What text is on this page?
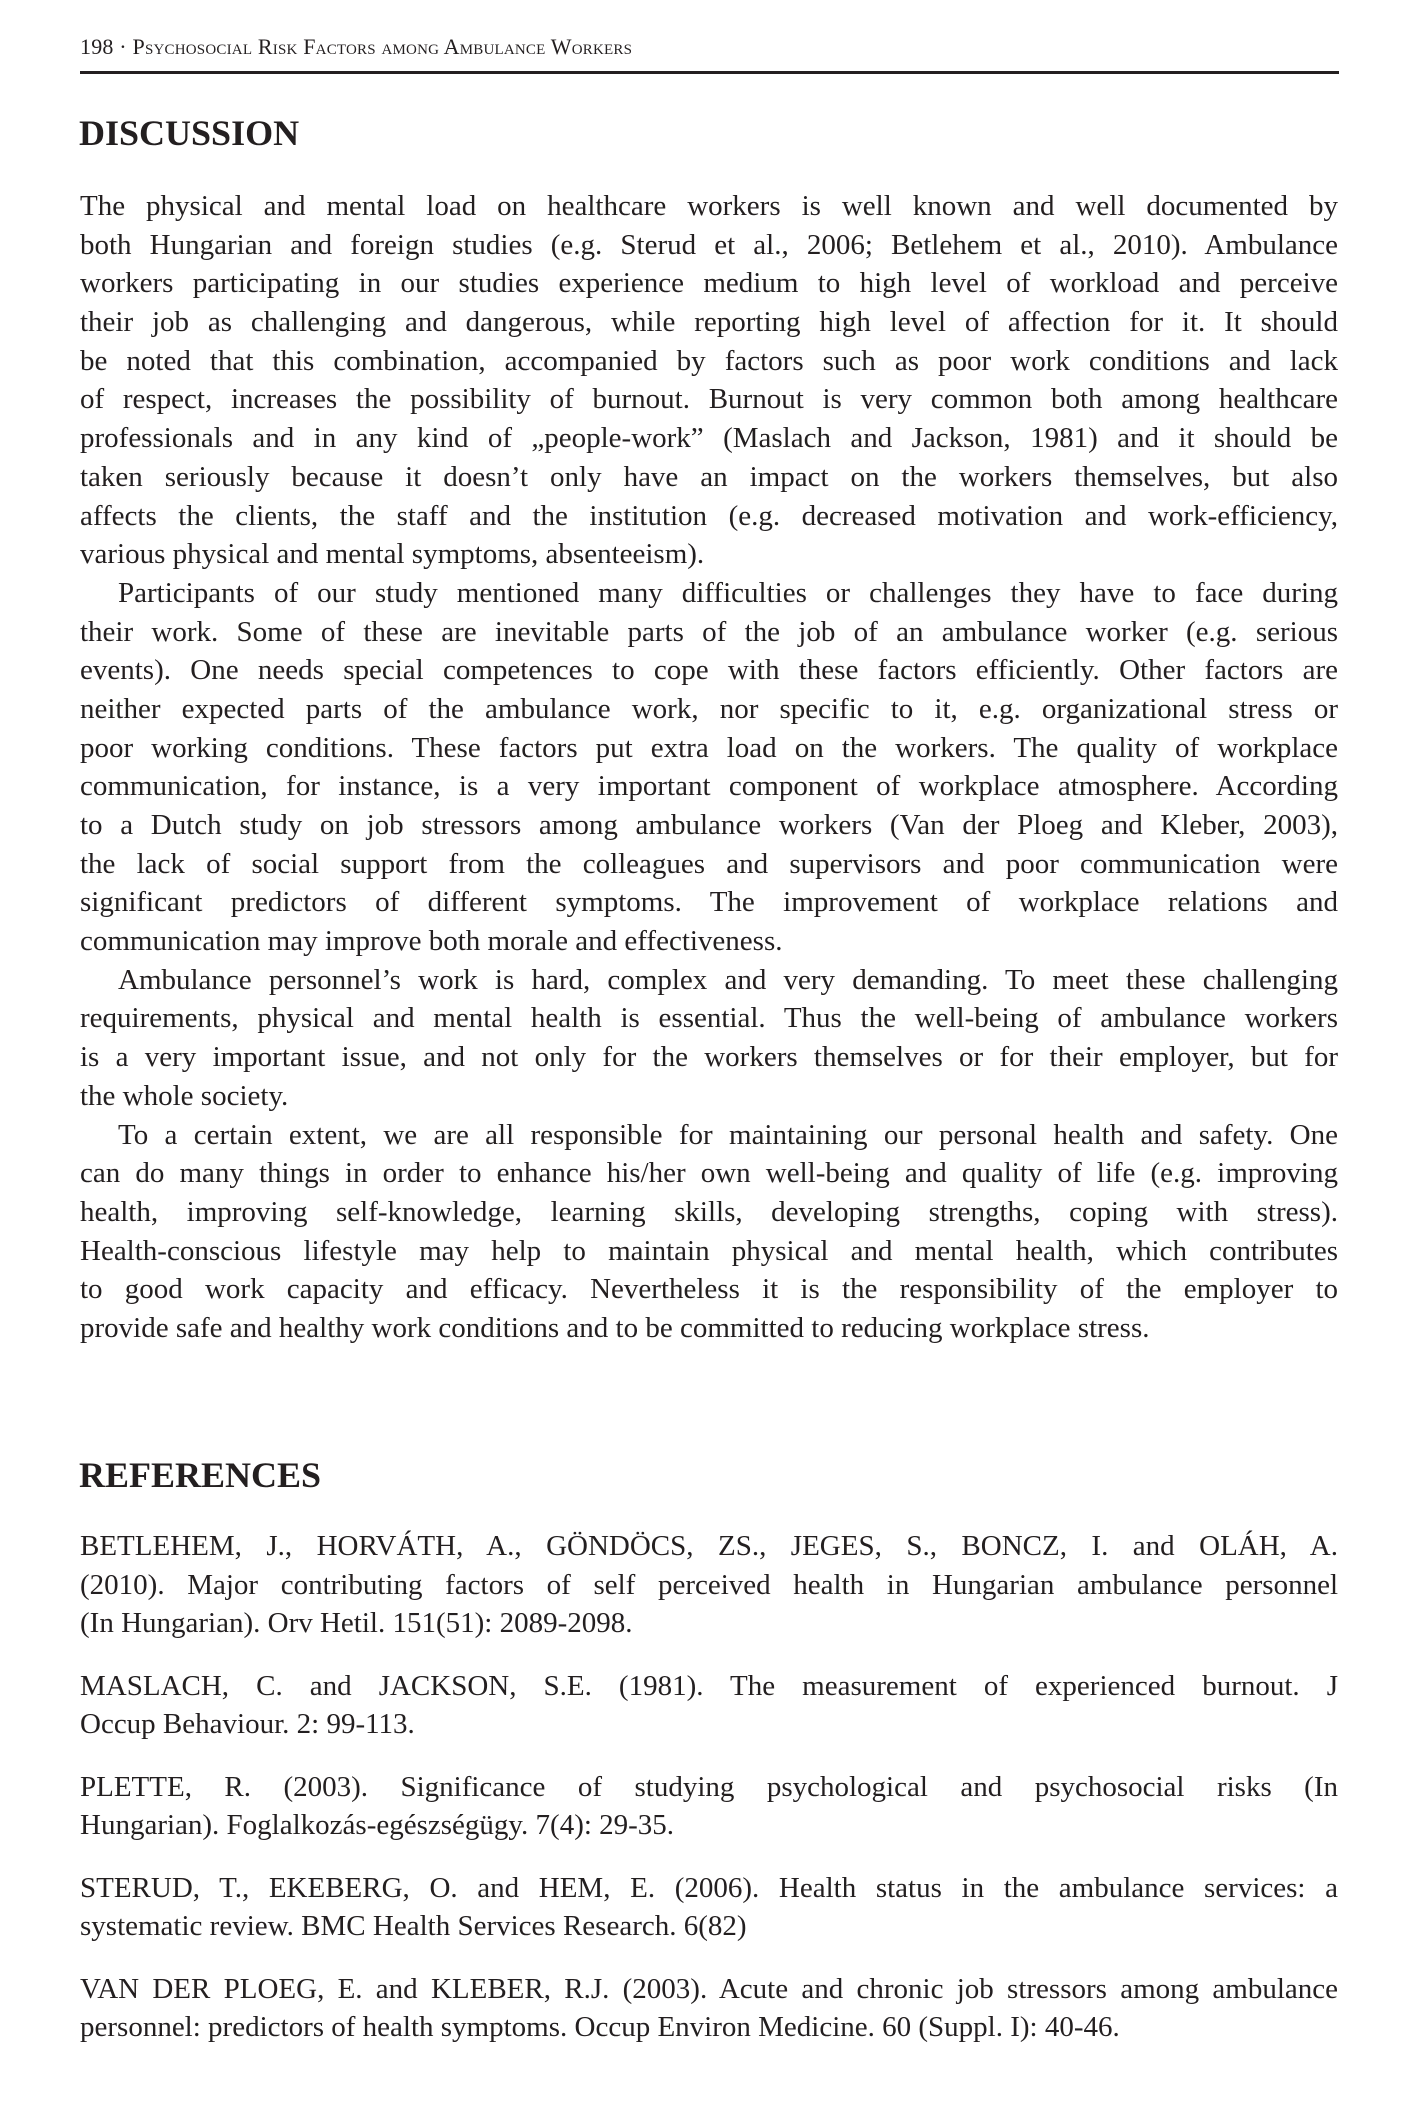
198 · Psychosocial Risk Factors among Ambulance Workers
DISCUSSION
The physical and mental load on healthcare workers is well known and well documented by
both Hungarian and foreign studies (e.g. Sterud et al., 2006; Betlehem et al., 2010). Ambulance
workers participating in our studies experience medium to high level of workload and perceive
their job as challenging and dangerous, while reporting high level of affection for it. It should
be noted that this combination, accompanied by factors such as poor work conditions and lack
of respect, increases the possibility of burnout. Burnout is very common both among healthcare
professionals and in any kind of „people-work” (Maslach and Jackson, 1981) and it should be
taken seriously because it doesn’t only have an impact on the workers themselves, but also
affects the clients, the staff and the institution (e.g. decreased motivation and work-efficiency,
various physical and mental symptoms, absenteeism).
Participants of our study mentioned many difficulties or challenges they have to face during
their work. Some of these are inevitable parts of the job of an ambulance worker (e.g. serious
events). One needs special competences to cope with these factors efficiently. Other factors are
neither expected parts of the ambulance work, nor specific to it, e.g. organizational stress or
poor working conditions. These factors put extra load on the workers. The quality of workplace
communication, for instance, is a very important component of workplace atmosphere. According
to a Dutch study on job stressors among ambulance workers (Van der Ploeg and Kleber, 2003),
the lack of social support from the colleagues and supervisors and poor communication were
significant predictors of different symptoms. The improvement of workplace relations and
communication may improve both morale and effectiveness.
Ambulance personnel’s work is hard, complex and very demanding. To meet these challenging
requirements, physical and mental health is essential. Thus the well-being of ambulance workers
is a very important issue, and not only for the workers themselves or for their employer, but for
the whole society.
To a certain extent, we are all responsible for maintaining our personal health and safety. One
can do many things in order to enhance his/her own well-being and quality of life (e.g. improving
health, improving self-knowledge, learning skills, developing strengths, coping with stress).
Health-conscious lifestyle may help to maintain physical and mental health, which contributes
to good work capacity and efficacy. Nevertheless it is the responsibility of the employer to
provide safe and healthy work conditions and to be committed to reducing workplace stress.
REFERENCES
BETLEHEM, J., HORVÁTH, A., GÖNDÖCS, ZS., JEGES, S., BONCZ, I. and OLÁH, A.
(2010). Major contributing factors of self perceived health in Hungarian ambulance personnel
(In Hungarian). Orv Hetil. 151(51): 2089-2098.
MASLACH, C. and JACKSON, S.E. (1981). The measurement of experienced burnout. J
Occup Behaviour. 2: 99-113.
PLETTE, R. (2003). Significance of studying psychological and psychosocial risks (In
Hungarian). Foglalkozás-egészségügy. 7(4): 29-35.
STERUD, T., EKEBERG, O. and HEM, E. (2006). Health status in the ambulance services: a
systematic review. BMC Health Services Research. 6(82)
VAN DER PLOEG, E. and KLEBER, R.J. (2003). Acute and chronic job stressors among ambulance
personnel: predictors of health symptoms. Occup Environ Medicine. 60 (Suppl. I): 40-46.
